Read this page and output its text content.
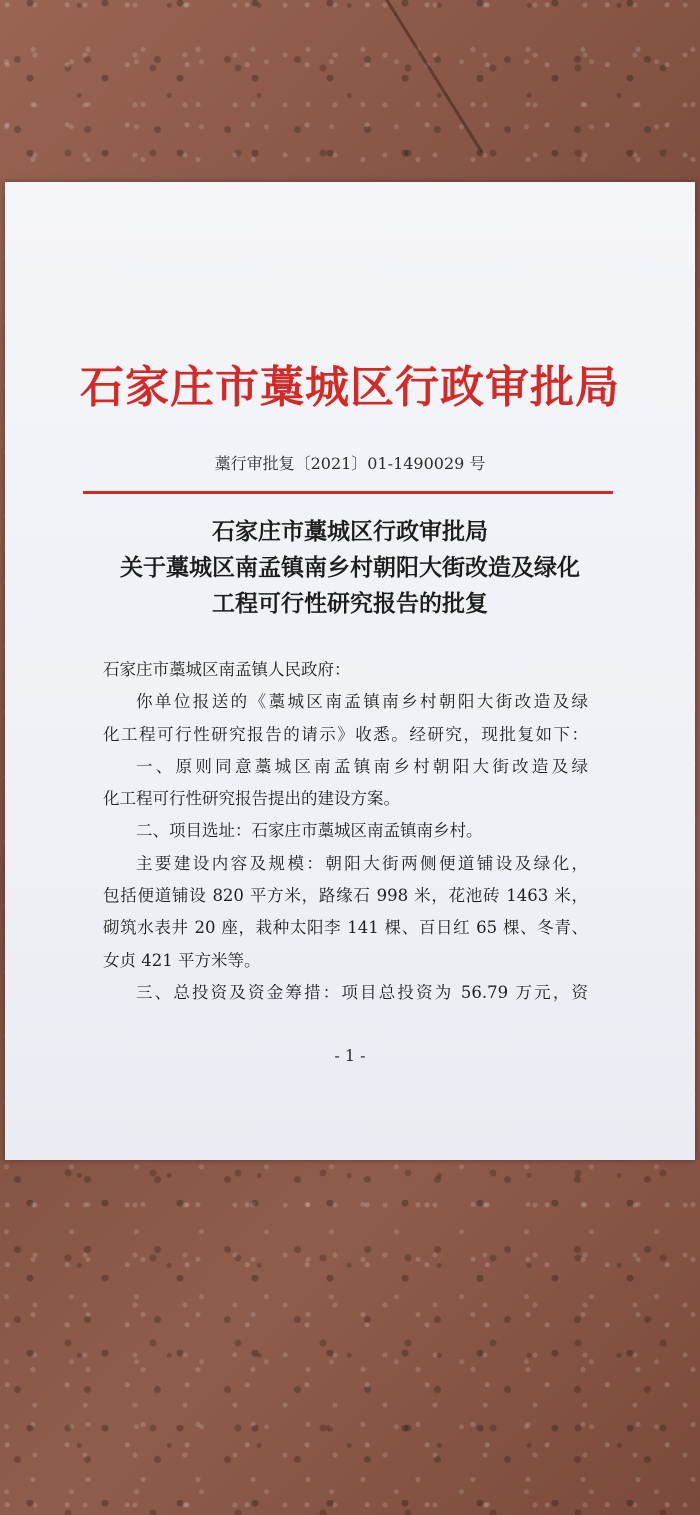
石家庄市藁城区行政审批局
藁行审批复〔2021〕01-1490029 号
石家庄市藁城区行政审批局
关于藁城区南孟镇南乡村朝阳大街改造及绿化
工程可行性研究报告的批复
石家庄市藁城区南孟镇人民政府：
你单位报送的《藁城区南孟镇南乡村朝阳大街改造及绿
化工程可行性研究报告的请示》收悉。经研究，现批复如下：
一、原则同意藁城区南孟镇南乡村朝阳大街改造及绿
化工程可行性研究报告提出的建设方案。
二、项目选址：石家庄市藁城区南孟镇南乡村。
主要建设内容及规模：朝阳大街两侧便道铺设及绿化，
包括便道铺设 820 平方米，路缘石 998 米，花池砖 1463 米，
砌筑水表井 20 座，栽种太阳李 141 棵、百日红 65 棵、冬青、
女贞 421 平方米等。
三、总投资及资金筹措：项目总投资为 56.79 万元，资
- 1 -
